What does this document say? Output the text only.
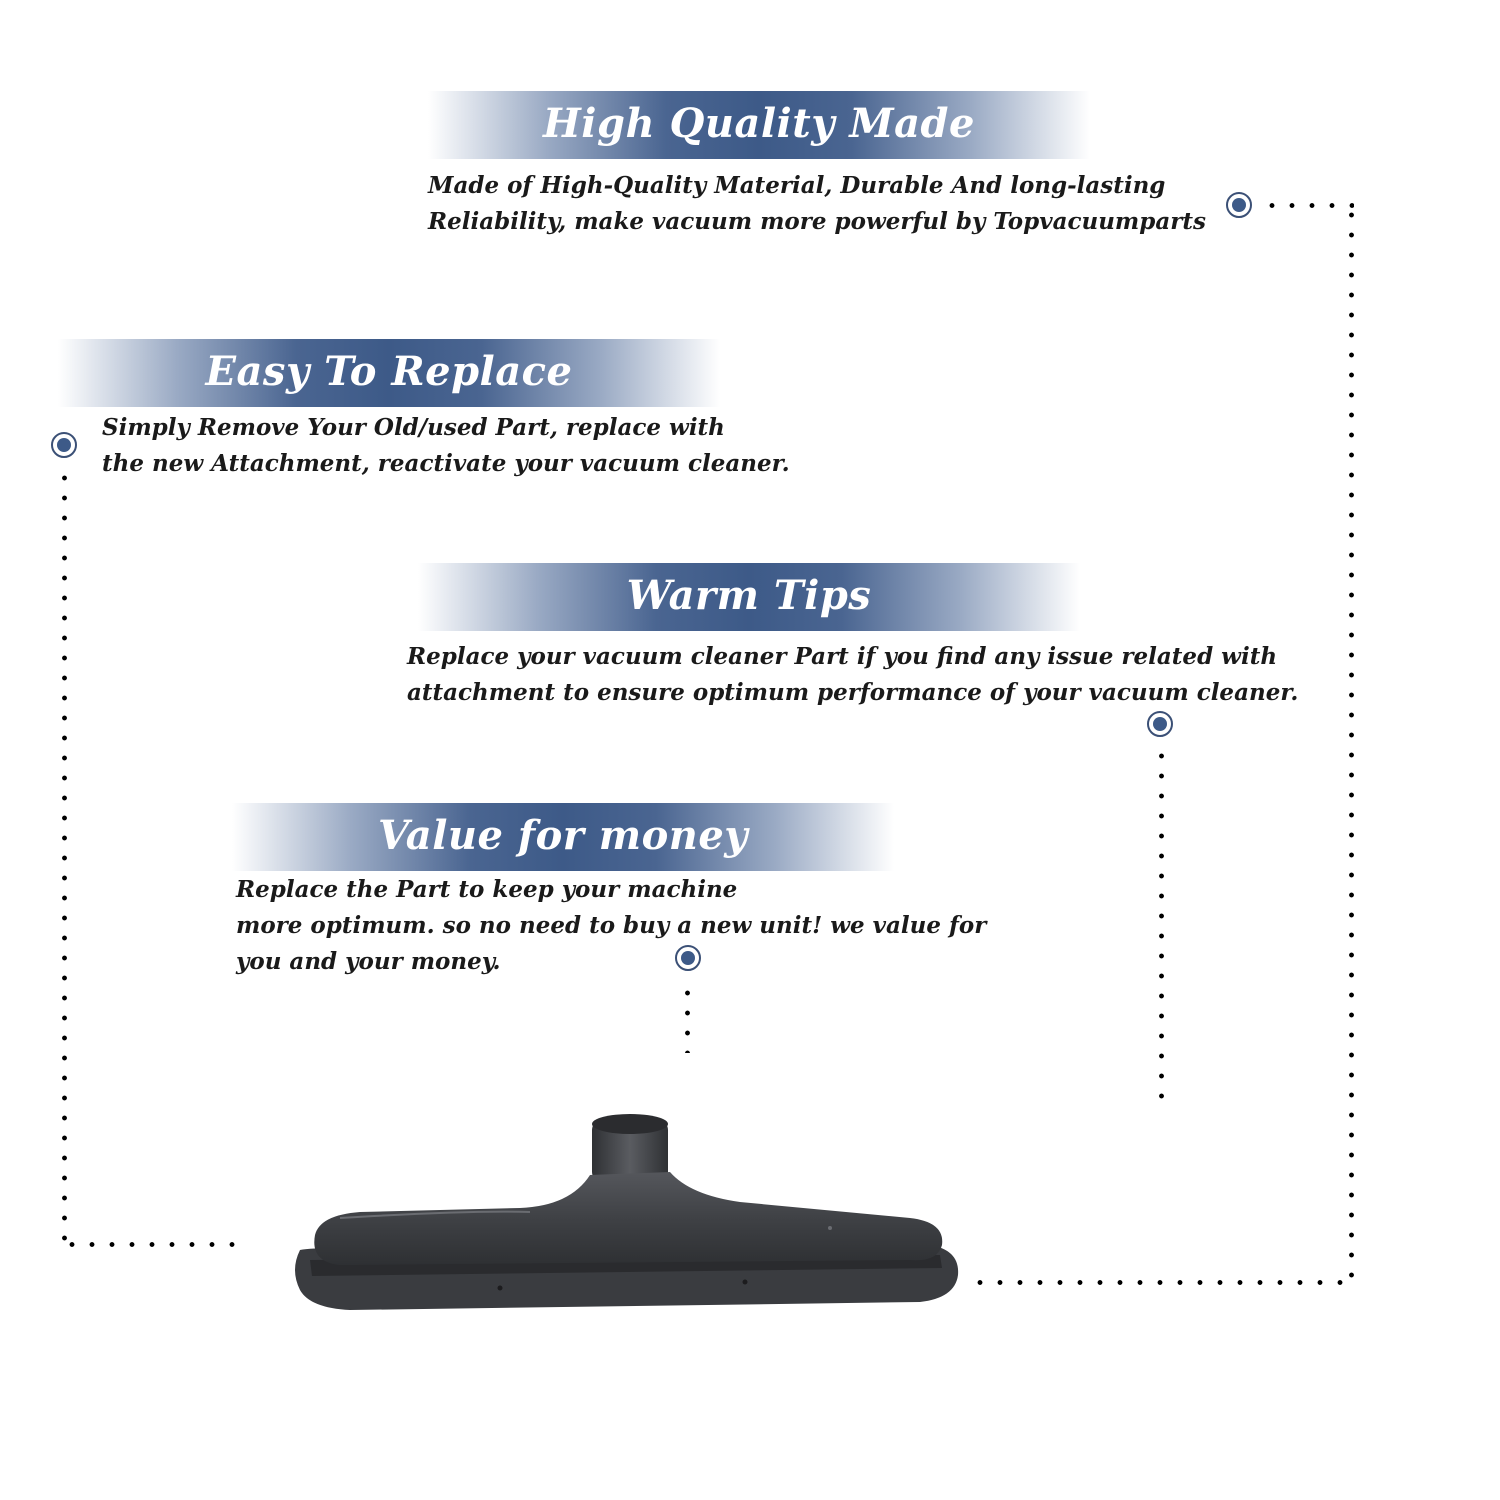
High Quality Made
Made of High-Quality Material, Durable And long-lasting
Reliability, make vacuum more powerful by Topvacuumparts
Easy To Replace
Simply Remove Your Old/used Part, replace with
the new Attachment, reactivate your vacuum cleaner.
Warm Tips
Replace your vacuum cleaner Part if you find any issue related with
attachment to ensure optimum performance of your vacuum cleaner.
Value for money
Replace the Part to keep your machine
more optimum. so no need to buy a new unit! we value for
you and your money.
